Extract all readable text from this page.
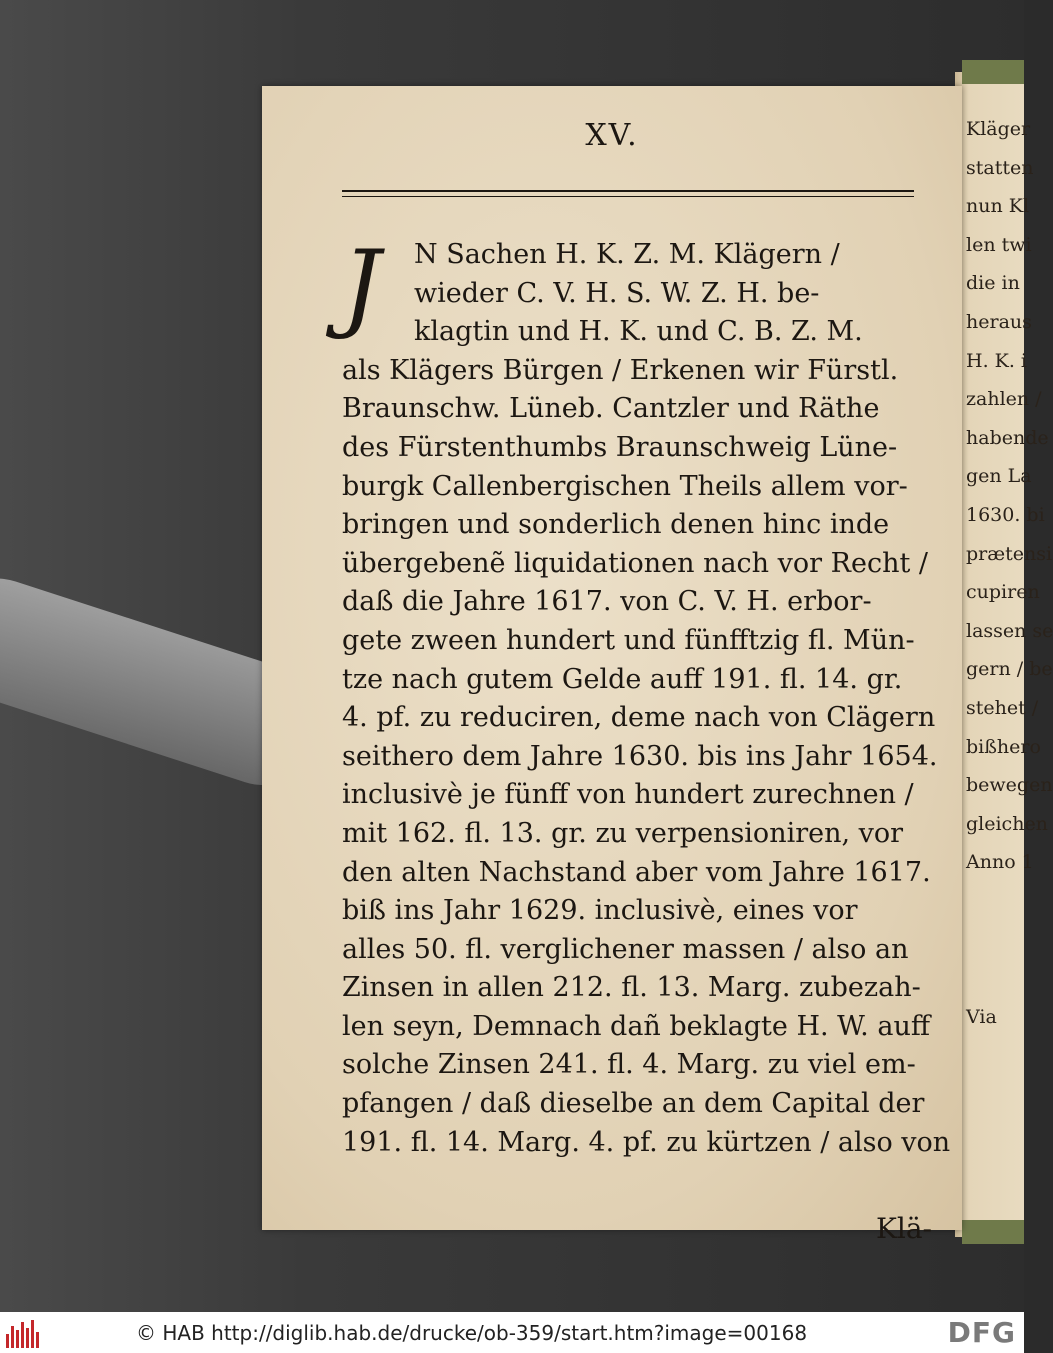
Kläger
statten
nun Kl
len twi
die in
heraus
H. K. i
zahlen /
habende
gen La
1630. bi
prætensi
cupiren
lassen se
gern / be
stehet /
bißhero
bewegen
gleichen
Anno 1
Via
XV.
J	N Sachen H. K. Z. M. Klägern /
wieder C. V. H. S. W. Z. H. be-
klagtin und H. K. und C. B. Z. M.
als Klägers Bürgen / Erkenen wir Fürstl.
Braunschw. Lüneb. Cantzler und Räthe
des Fürstenthumbs Braunschweig Lüne-
burgk Callenbergischen Theils allem vor-
bringen und sonderlich denen hinc inde
übergebenẽ liquidationen nach vor Recht /
daß die Jahre 1617. von C. V. H. erbor-
gete zween hundert und fünfftzig fl. Mün-
tze nach gutem Gelde auff 191. fl. 14. gr.
4. pf. zu reduciren, deme nach von Clägern
seithero dem Jahre 1630. bis ins Jahr 1654.
inclusivè je fünff von hundert zurechnen /
mit 162. fl. 13. gr. zu verpensioniren, vor
den alten Nachstand aber vom Jahre 1617.
biß ins Jahr 1629. inclusivè, eines vor
alles 50. fl. verglichener massen / also an
Zinsen in allen 212. fl. 13. Marg. zubezah-
len seyn, Demnach dañ beklagte H. W. auff
solche Zinsen 241. fl. 4. Marg. zu viel em-
pfangen / daß dieselbe an dem Capital der
191. fl. 14. Marg. 4. pf. zu kürtzen / also von
Klä-
© HAB http://diglib.hab.de/drucke/ob-359/start.htm?image=00168	DFG
